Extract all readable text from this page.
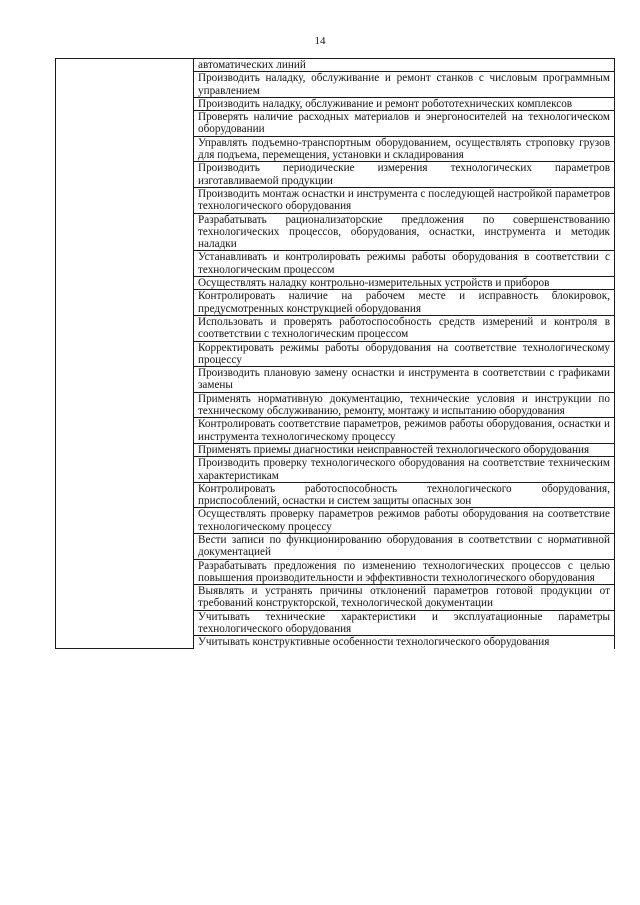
14

автоматических линий

Производить наладку, обслуживание и ремонт станков с числовым программным управлением

Производить наладку, обслуживание и ремонт робототехнических комплексов

Проверять наличие расходных материалов и энергоносителей на технологическом оборудовании

Управлять подъемно-транспортным оборудованием, осуществлять строповку грузов для подъема, перемещения, установки и складирования

Производить периодические измерения технологических параметров изготавливаемой продукции

Производить монтаж оснастки и инструмента с последующей настройкой параметров технологического оборудования

Разрабатывать рационализаторские предложения по совершенствованию технологических процессов, оборудования, оснастки, инструмента и методик наладки

Устанавливать и контролировать режимы работы оборудования в соответствии с технологическим процессом

Осуществлять наладку контрольно-измерительных устройств и приборов

Контролировать наличие на рабочем месте и исправность блокировок, предусмотренных конструкцией оборудования

Использовать и проверять работоспособность средств измерений и контроля в соответствии с технологическим процессом

Корректировать режимы работы оборудования на соответствие технологическому процессу

Производить плановую замену оснастки и инструмента в соответствии с графиками замены

Применять нормативную документацию, технические условия и инструкции по техническому обслуживанию, ремонту, монтажу и испытанию оборудования

Контролировать соответствие параметров, режимов работы оборудования, оснастки и инструмента технологическому процессу

Применять приемы диагностики неисправностей технологического оборудования

Производить проверку технологического оборудования на соответствие техническим характеристикам

Контролировать работоспособность технологического оборудования, приспособлений, оснастки и систем защиты опасных зон

Осуществлять проверку параметров режимов работы оборудования на соответствие технологическому процессу

Вести записи по функционированию оборудования в соответствии с нормативной документацией

Разрабатывать предложения по изменению технологических процессов с целью повышения производительности и эффективности технологического оборудования

Выявлять и устранять причины отклонений параметров готовой продукции от требований конструкторской, технологической документации

Учитывать технические характеристики и эксплуатационные параметры технологического оборудования

Учитывать конструктивные особенности технологического оборудования
